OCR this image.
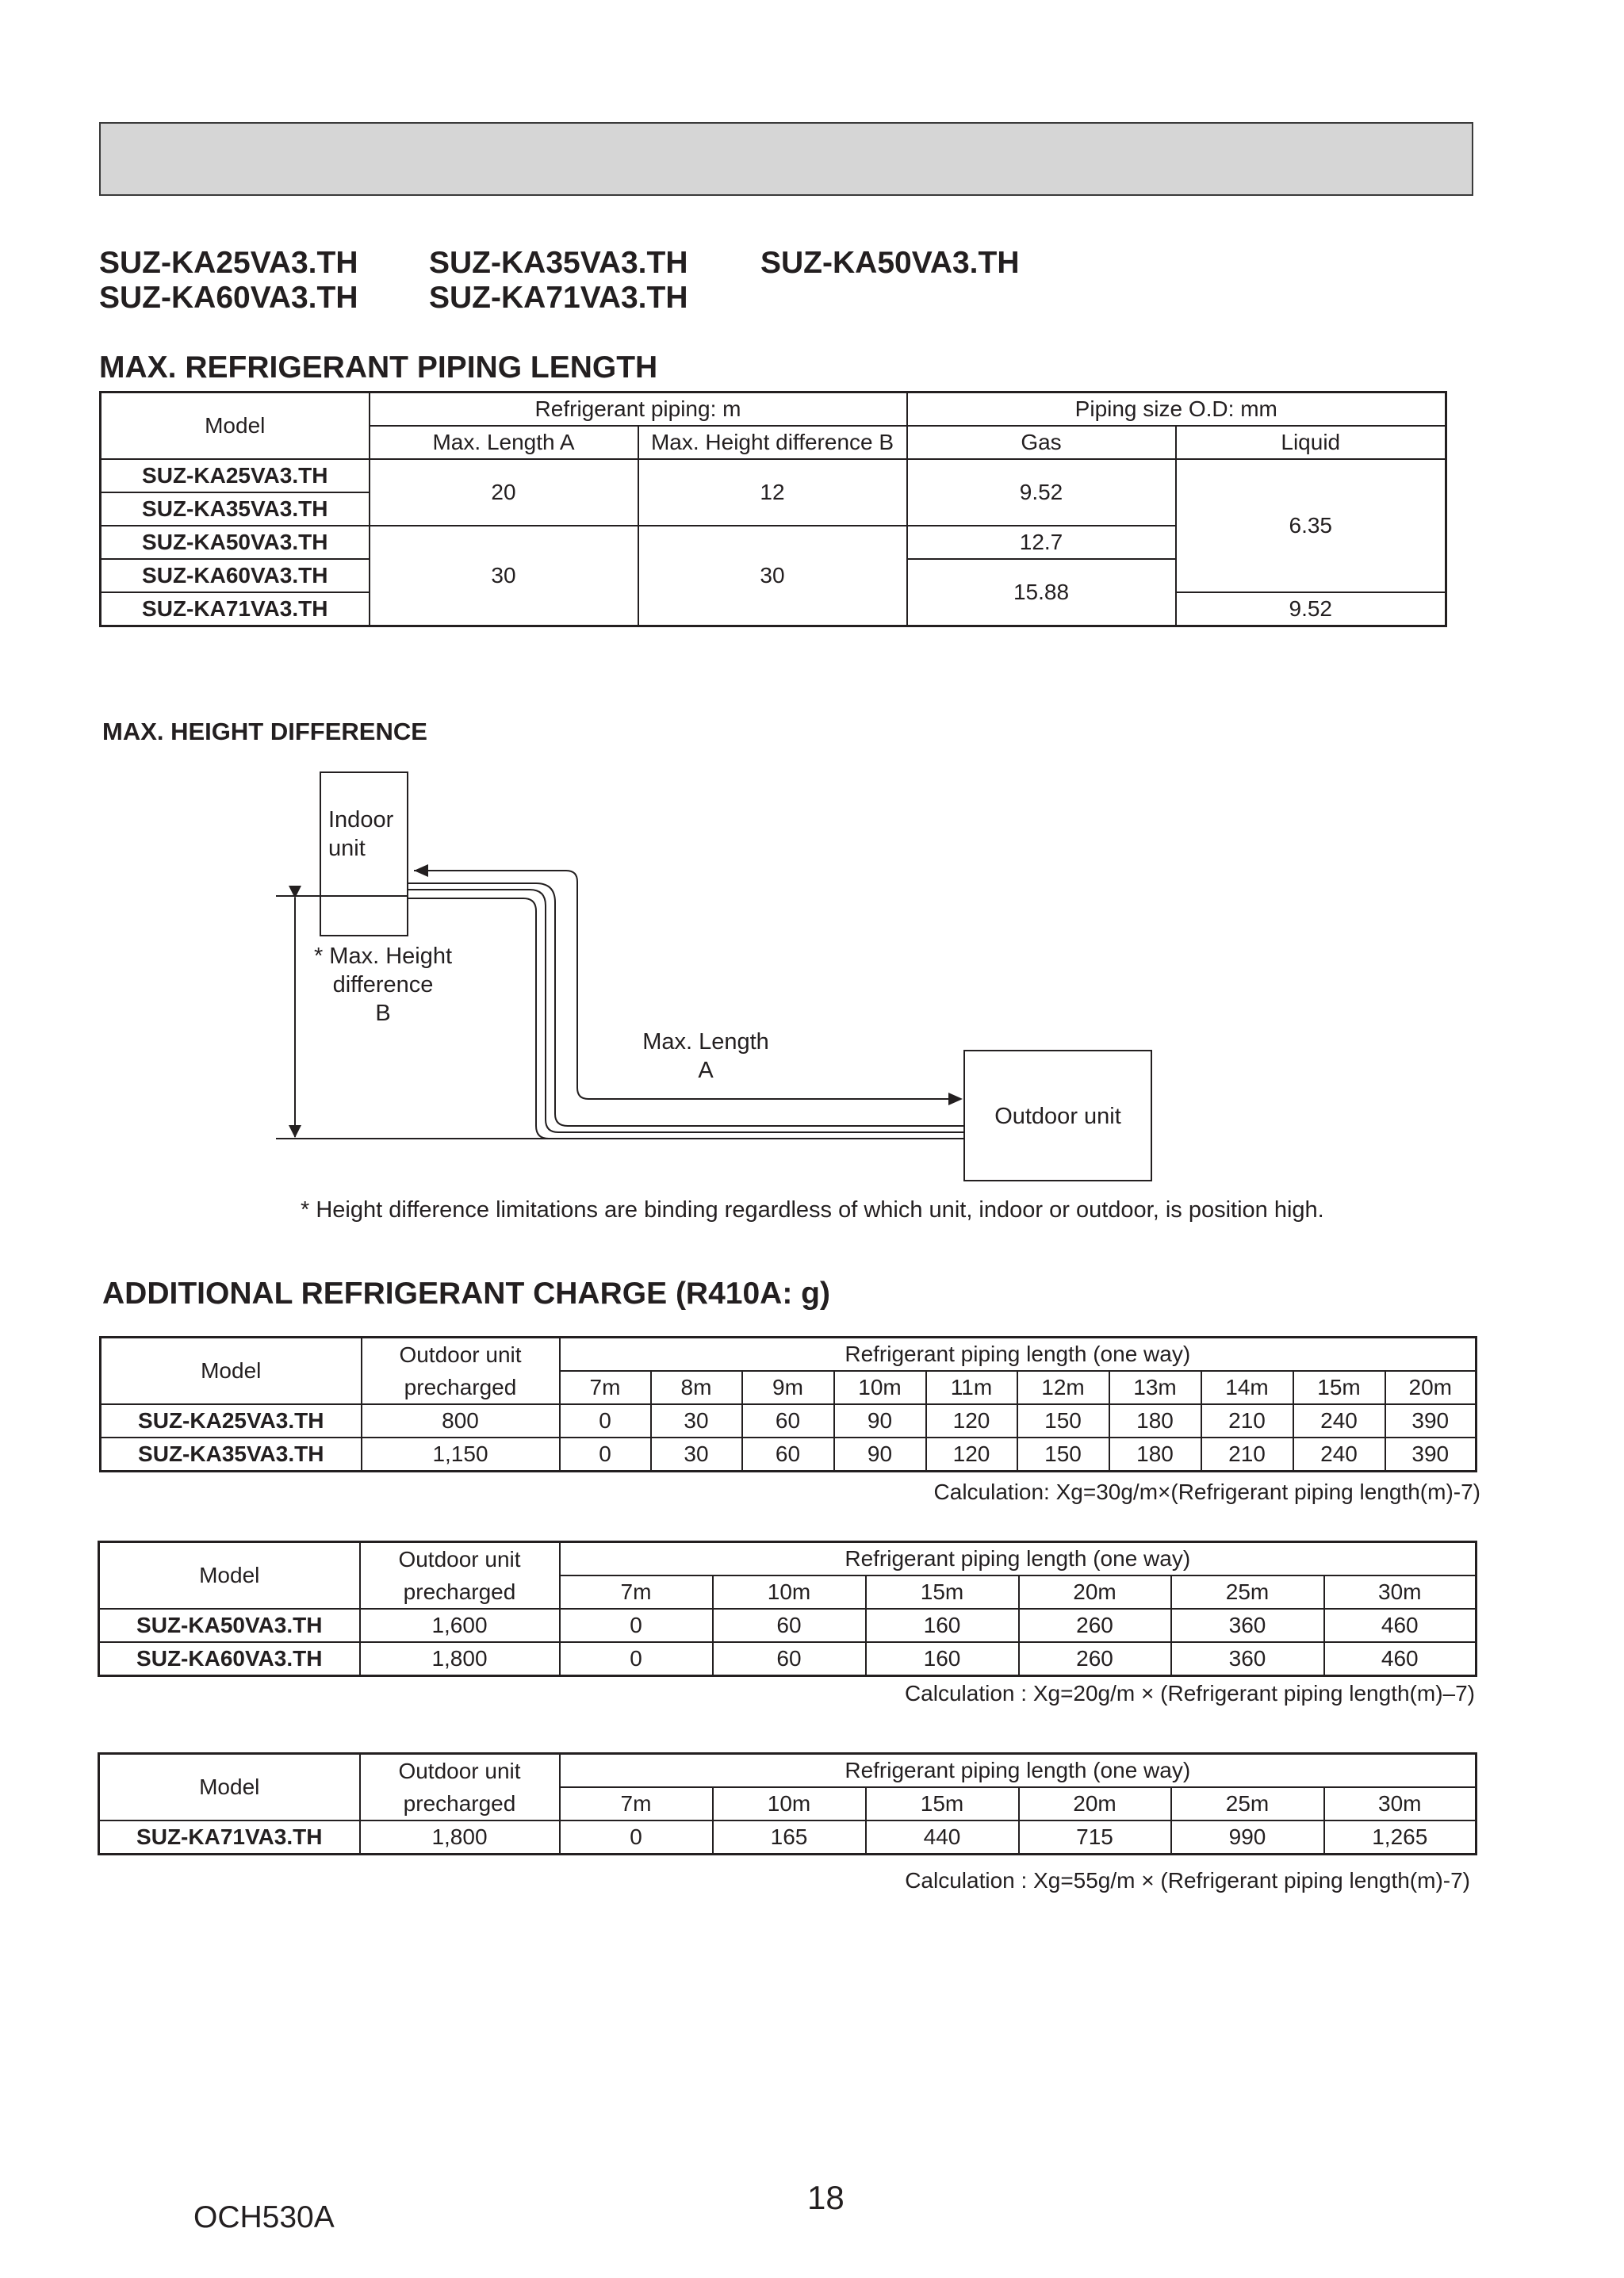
SUZ-KA25VA3.TH SUZ-KA35VA3.TH SUZ-KA50VA3.TH
SUZ-KA60VA3.TH SUZ-KA71VA3.TH
MAX. REFRIGERANT PIPING LENGTH
Model	Refrigerant piping: m		Piping size O.D: mm	
	Max. Length A	Max. Height difference B	Gas	Liquid
SUZ-KA25VA3.TH	20	12	9.52	6.35
SUZ-KA35VA3.TH				
SUZ-KA50VA3.TH	30	30	12.7	
SUZ-KA60VA3.TH			15.88	
SUZ-KA71VA3.TH				9.52
MAX. HEIGHT DIFFERENCE
Indoor
unit
* Max. Height
difference
B
Max. Length
A
Outdoor unit
* Height difference limitations are binding regardless of which unit, indoor or outdoor, is position high.
ADDITIONAL REFRIGERANT CHARGE (R410A: g)
Model	Outdoor unit	Refrigerant piping length (one way)									
	precharged	7m	8m	9m	10m	11m	12m	13m	14m	15m	20m
SUZ-KA25VA3.TH	800	0	30	60	90	120	150	180	210	240	390
SUZ-KA35VA3.TH	1,150	0	30	60	90	120	150	180	210	240	390
Calculation: Xg=30g/m×(Refrigerant piping length(m)-7)
Model	Outdoor unit	Refrigerant piping length (one way)					
	precharged	7m	10m	15m	20m	25m	30m
SUZ-KA50VA3.TH	1,600	0	60	160	260	360	460
SUZ-KA60VA3.TH	1,800	0	60	160	260	360	460
Calculation : Xg=20g/m × (Refrigerant piping length(m)–7)
Model	Outdoor unit	Refrigerant piping length (one way)					
	precharged	7m	10m	15m	20m	25m	30m
SUZ-KA71VA3.TH	1,800	0	165	440	715	990	1,265
Calculation : Xg=55g/m × (Refrigerant piping length(m)-7)
OCH530A
18
